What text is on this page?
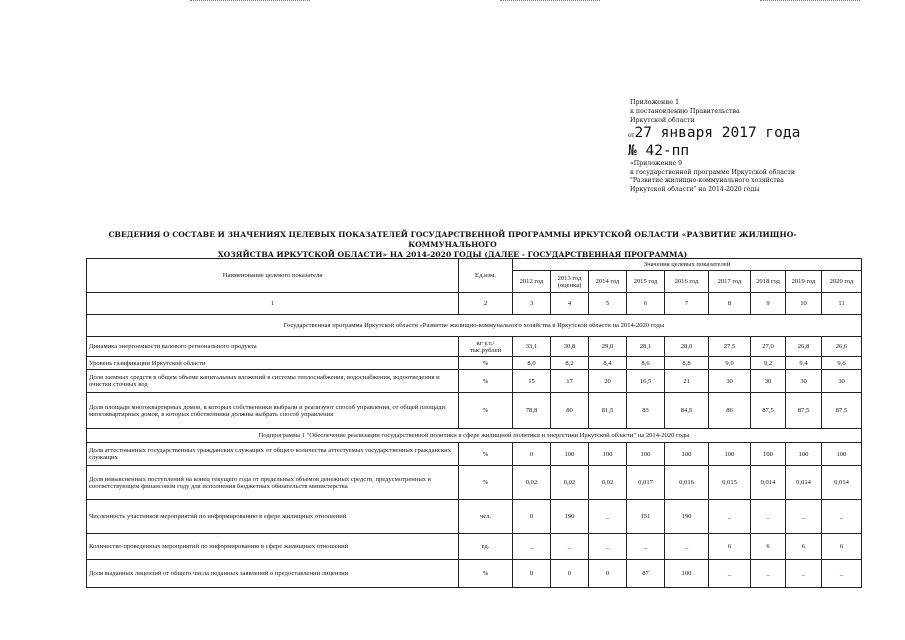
Приложение 1
к постановлению Правительства
Иркутской области
от27 января 2017 года
№ 42-пп
«Приложение 9
к государственной программе Иркутской области
"Развитие жилищно-коммунального хозяйства
Иркутской области" на 2014-2020 годы
СВЕДЕНИЯ О СОСТАВЕ И ЗНАЧЕНИЯХ ЦЕЛЕВЫХ ПОКАЗАТЕЛЕЙ ГОСУДАРСТВЕННОЙ ПРОГРАММЫ ИРКУТСКОЙ ОБЛАСТИ «РАЗВИТИЕ ЖИЛИЩНО-КОММУНАЛЬНОГО
ХОЗЯЙСТВА ИРКУТСКОЙ ОБЛАСТИ» НА 2014-2020 ГОДЫ (ДАЛЕЕ - ГОСУДАРСТВЕННАЯ ПРОГРАММА)
Наименование целевого показателя	Ед.изм.	Значения целевых показателей								
		2012 год	2013 год (оценка)	2014 год	2015 год	2016 год	2017 год	2018 год	2019 год	2020 год
1	2	3	4	5	6	7	8	9	10	11
Государственная программа Иркутской области «Развитие жилищно-коммунального хозяйства в Иркутской области на 2014-2020 годы										
Динамика энергоемкости валового регионального продукта	кг у.т./ тыс.рублей	33,1	30,8	29,0	28,1	28,0	27,5	27,0	26,8	26,6
Уровень газификации Иркутской области	%	8,0	8,2	8,4	8,6	8,8	9,0	9,2	9,4	9,6
Доля заемных средств в общем объеме капитальных вложений в системы теплоснабжения, водоснабжения, водоотведения и очистки сточных вод	%	15	17	20	16,5	21	30	30	30	30
Доля площади многоквартирных домов, в которых собственники выбрали и реализуют способ управления, от общей площади многоквартирных домов, в которых собственники должны выбрать способ управления	%	78,8	80	81,5	83	84,5	86	87,5	87,5	87,5
Подпрограмма 1 "Обеспечение реализации государственной политики в сфере жилищной политики и энергетики Иркутской области" на 2014-2020 годы										
Доля аттестованных государственных гражданских служащих от общего количества аттестуемых государственных гражданских служащих	%	0	100	100	100	100	100	100	100	100
Доля невыясненных поступлений на конец текущего года от предельных объемов денежных средств, предусмотренных в соответствующем финансовом году для исполнения бюджетных обязательств министерства	%	0,02	0,02	0,02	0,017	0,016	0,015	0,014	0,014	0,014
Численность участников мероприятий по информированию в сфере жилищных отношений	чел.	0	190	_	151	190	_	_	_	_
Количество проведенных мероприятий по информированию в сфере жилищных отношений	ед.	_	_	_	_	_	6	6	6	6
Доля выданных лицензий от общего числа поданных заявлений о предоставлении лицензии	%	0	0	0	87	100	_	_	_	_
